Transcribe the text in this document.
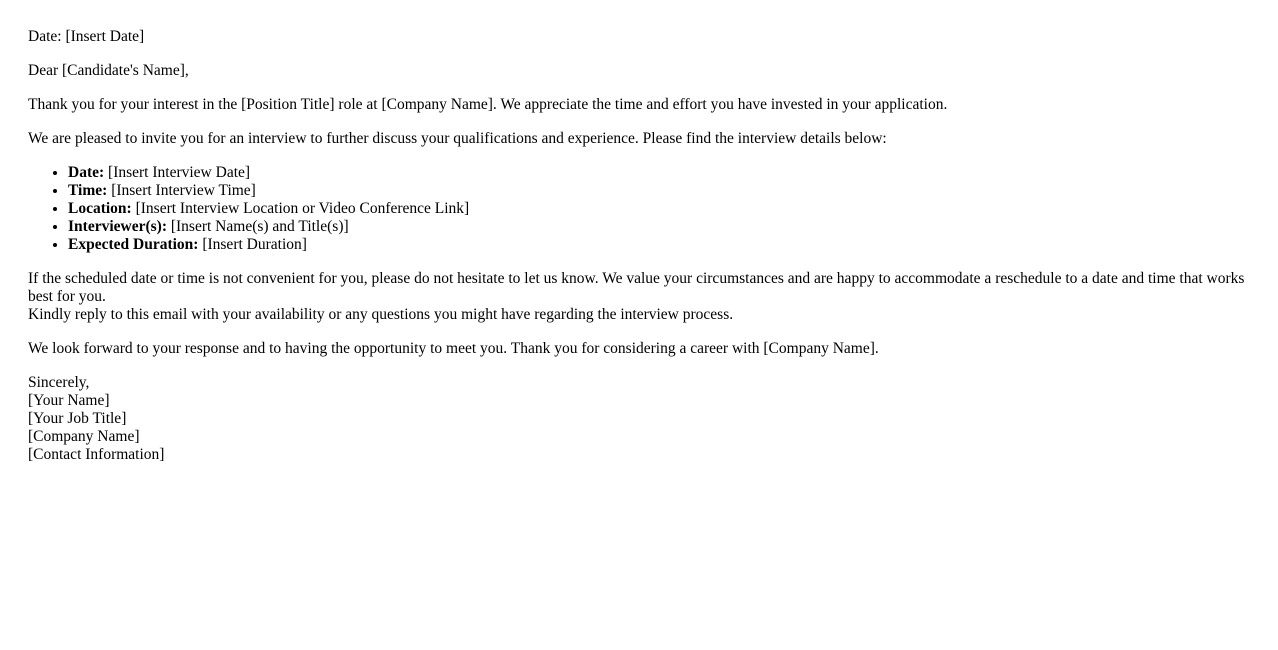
Date: [Insert Date]

Dear [Candidate's Name],

Thank you for your interest in the [Position Title] role at [Company Name]. We appreciate the time and effort you have invested in your application.

We are pleased to invite you for an interview to further discuss your qualifications and experience. Please find the interview details below:

• Date: [Insert Interview Date]
• Time: [Insert Interview Time]
• Location: [Insert Interview Location or Video Conference Link]
• Interviewer(s): [Insert Name(s) and Title(s)]
• Expected Duration: [Insert Duration]

If the scheduled date or time is not convenient for you, please do not hesitate to let us know. We value your circumstances and are happy to accommodate a reschedule to a date and time that works best for you.
Kindly reply to this email with your availability or any questions you might have regarding the interview process.

We look forward to your response and to having the opportunity to meet you. Thank you for considering a career with [Company Name].

Sincerely,
[Your Name]
[Your Job Title]
[Company Name]
[Contact Information]
